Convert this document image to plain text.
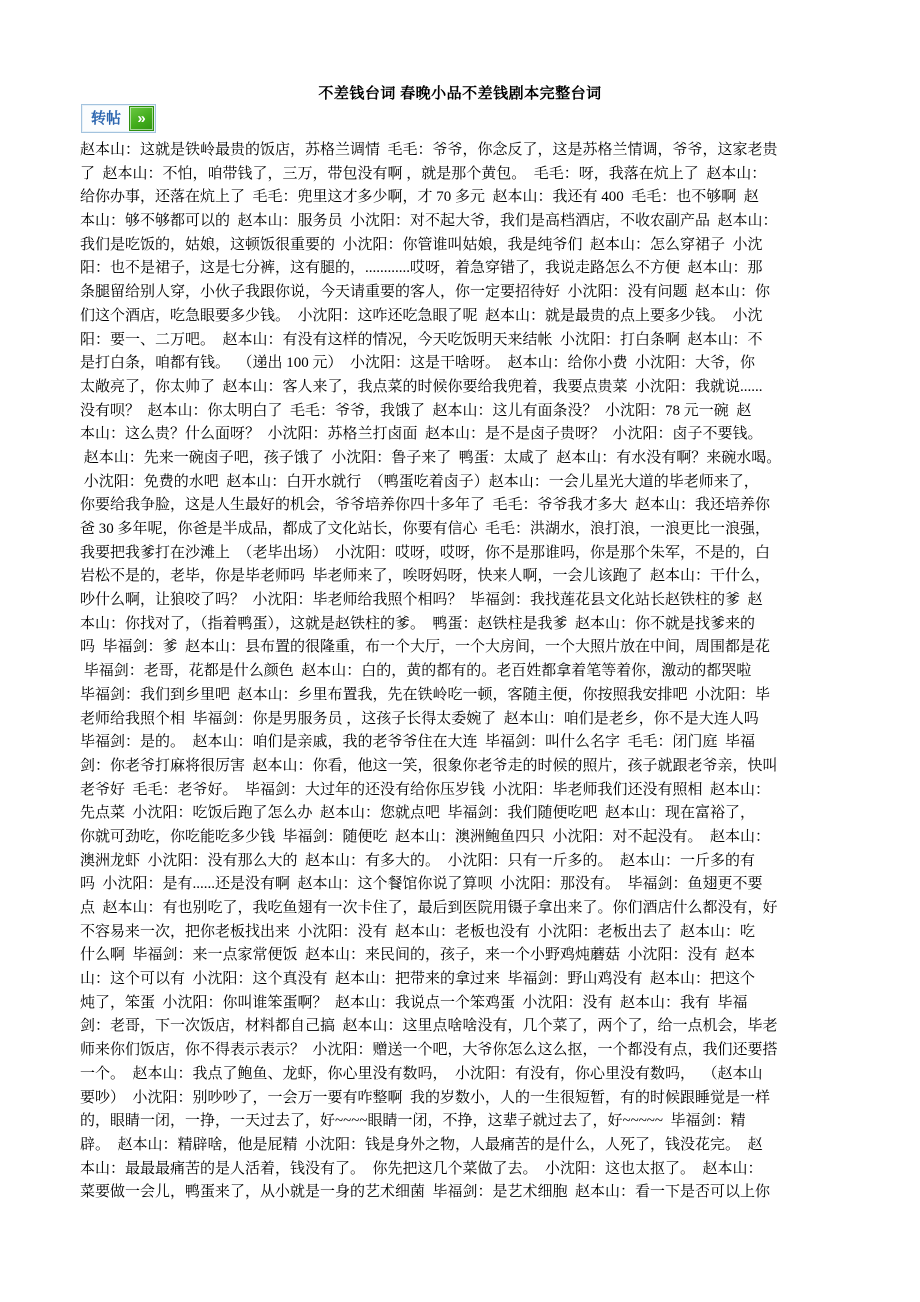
不差钱台词 春晚小品不差钱剧本完整台词
转帖	»
赵本山：这就是铁岭最贵的饭店，苏格兰调情  毛毛：爷爷，你念反了，这是苏格兰情调，爷爷，这家老贵
了  赵本山：不怕，咱带钱了，三万，带包没有啊 ，就是那个黄包。  毛毛：呀，我落在炕上了  赵本山：
给你办事，还落在炕上了  毛毛：兜里这才多少啊，才 70 多元  赵本山：我还有 400  毛毛：也不够啊  赵
本山：够不够都可以的  赵本山：服务员  小沈阳：对不起大爷，我们是高档酒店，不收农副产品  赵本山：
我们是吃饭的，姑娘，这顿饭很重要的  小沈阳：你管谁叫姑娘，我是纯爷们  赵本山：怎么穿裙子  小沈
阳：也不是裙子，这是七分裤，这有腿的，............哎呀，着急穿错了，我说走路怎么不方便  赵本山：那
条腿留给别人穿，小伙子我跟你说，今天请重要的客人，你一定要招待好  小沈阳：没有问题  赵本山：你
们这个酒店，吃急眼要多少钱。  小沈阳：这咋还吃急眼了呢  赵本山：就是最贵的点上要多少钱。  小沈
阳：要一、二万吧。  赵本山：有没有这样的情况，今天吃饭明天来结帐  小沈阳：打白条啊  赵本山：不
是打白条，咱都有钱。  （递出 100 元）  小沈阳：这是干啥呀。  赵本山：给你小费  小沈阳：大爷，你
太敞亮了，你太帅了  赵本山：客人来了，我点菜的时候你要给我兜着，我要点贵菜  小沈阳：我就说......
没有呗？  赵本山：你太明白了  毛毛：爷爷，我饿了  赵本山：这儿有面条没？  小沈阳：78 元一碗  赵
本山：这么贵？什么面呀？  小沈阳：苏格兰打卤面  赵本山：是不是卤子贵呀？  小沈阳：卤子不要钱。
赵本山：先来一碗卤子吧，孩子饿了  小沈阳：鲁子来了  鸭蛋：太咸了  赵本山：有水没有啊？来碗水喝。
小沈阳：免费的水吧  赵本山：白开水就行  （鸭蛋吃着卤子）赵本山：一会儿星光大道的毕老师来了，
你要给我争脸，这是人生最好的机会，爷爷培养你四十多年了  毛毛：爷爷我才多大  赵本山：我还培养你
爸 30 多年呢，你爸是半成品，都成了文化站长，你要有信心  毛毛：洪湖水，浪打浪，一浪更比一浪强，
我要把我爹打在沙滩上  （老毕出场）  小沈阳：哎呀，哎呀，你不是那谁吗，你是那个朱军，不是的，白
岩松不是的，老毕，你是毕老师吗  毕老师来了，唉呀妈呀，快来人啊，一会儿该跑了  赵本山：干什么，
吵什么啊，让狼咬了吗？  小沈阳：毕老师给我照个相吗？  毕福剑：我找莲花县文化站长赵铁柱的爹  赵
本山：你找对了，（指着鸭蛋），这就是赵铁柱的爹。  鸭蛋：赵铁柱是我爹  赵本山：你不就是找爹来的
吗  毕福剑：爹  赵本山：县布置的很隆重，布一个大厅，一个大房间，一个大照片放在中间，周围都是花
毕福剑：老哥，花都是什么颜色  赵本山：白的，黄的都有的。老百姓都拿着笔等着你，激动的都哭啦
毕福剑：我们到乡里吧  赵本山：乡里布置我，先在铁岭吃一顿，客随主便，你按照我安排吧  小沈阳：毕
老师给我照个相  毕福剑：你是男服务员 ，这孩子长得太委婉了  赵本山：咱们是老乡，你不是大连人吗
毕福剑：是的。  赵本山：咱们是亲戚，我的老爷爷住在大连  毕福剑：叫什么名字  毛毛：闭门庭  毕福
剑：你老爷打麻将很厉害  赵本山：你看，他这一笑，很象你老爷走的时候的照片，孩子就跟老爷亲，快叫
老爷好  毛毛：老爷好。  毕福剑：大过年的还没有给你压岁钱  小沈阳：毕老师我们还没有照相  赵本山：
先点菜  小沈阳：吃饭后跑了怎么办  赵本山：您就点吧  毕福剑：我们随便吃吧  赵本山：现在富裕了，
你就可劲吃，你吃能吃多少钱  毕福剑：随便吃  赵本山：澳洲鲍鱼四只  小沈阳：对不起没有。  赵本山：
澳洲龙虾  小沈阳：没有那么大的  赵本山：有多大的。  小沈阳：只有一斤多的。  赵本山：一斤多的有
吗  小沈阳：是有......还是没有啊  赵本山：这个餐馆你说了算呗  小沈阳：那没有。  毕福剑：鱼翅更不要
点  赵本山：有也别吃了，我吃鱼翅有一次卡住了，最后到医院用镊子拿出来了。你们酒店什么都没有，好
不容易来一次，把你老板找出来  小沈阳：没有  赵本山：老板也没有  小沈阳：老板出去了  赵本山：吃
什么啊  毕福剑：来一点家常便饭  赵本山：来民间的，孩子，来一个小野鸡炖蘑菇  小沈阳：没有  赵本
山：这个可以有  小沈阳：这个真没有  赵本山：把带来的拿过来  毕福剑：野山鸡没有  赵本山：把这个
炖了，笨蛋  小沈阳：你叫谁笨蛋啊？  赵本山：我说点一个笨鸡蛋  小沈阳：没有  赵本山：我有  毕福
剑：老哥，下一次饭店，材料都自己搞  赵本山：这里点啥啥没有，几个菜了，两个了，给一点机会，毕老
师来你们饭店，你不得表示表示？  小沈阳：赠送一个吧，大爷你怎么这么抠，一个都没有点，我们还要搭
一个。  赵本山：我点了鲍鱼、龙虾，你心里没有数吗，  小沈阳：有没有，你心里没有数吗，  （赵本山
要吵）  小沈阳：别吵吵了，一会万一要有咋整啊  我的岁数小，人的一生很短暂，有的时候跟睡觉是一样
的，眼睛一闭，一挣，一天过去了，好~~~~眼睛一闭，不挣，这辈子就过去了，好~~~~~  毕福剑：精
辟。  赵本山：精辟啥，他是屁精  小沈阳：钱是身外之物，人最痛苦的是什么，人死了，钱没花完。  赵
本山：最最最痛苦的是人活着，钱没有了。  你先把这几个菜做了去。  小沈阳：这也太抠了。  赵本山：
菜要做一会儿，鸭蛋来了，从小就是一身的艺术细菌  毕福剑：是艺术细胞  赵本山：看一下是否可以上你
